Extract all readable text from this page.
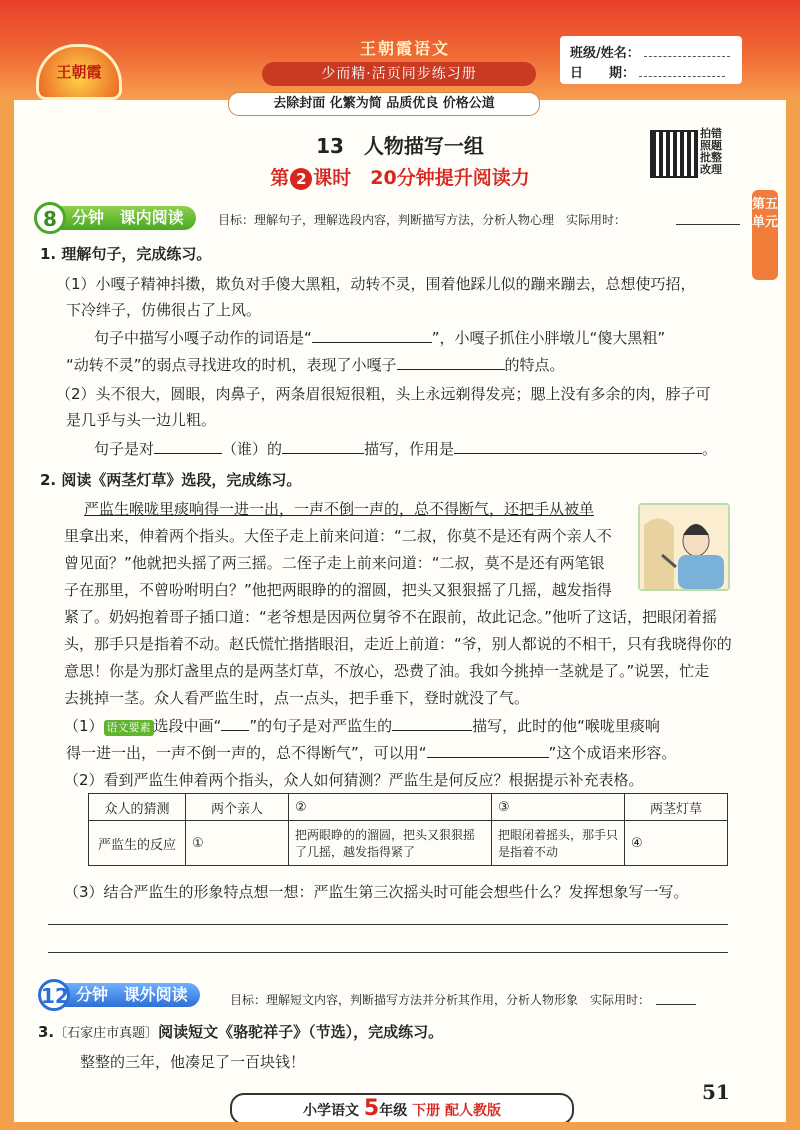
王朝霞
王朝霞语文
少而精·活页同步练习册
班级/姓名：
日　　期：
去除封面 化繁为简 品质优良 价格公道
13　人物描写一组
第 2 课时　20分钟提升阅读力
拍错照题批整改理
第五单元
8 分钟 课内阅读	目标：理解句子，理解选段内容，判断描写方法，分析人物心理　实际用时：
1. 理解句子，完成练习。
（1）小嘎子精神抖擞，欺负对手傻大黑粗，动转不灵，围着他踩儿似的蹦来蹦去，总想使巧招，
下冷绊子，仿佛很占了上风。
句子中描写小嘎子动作的词语是“	”，小嘎子抓住小胖墩儿“傻大黑粗”
“动转不灵”的弱点寻找进攻的时机，表现了小嘎子	的特点。
（2）头不很大，圆眼，肉鼻子，两条眉很短很粗，头上永远剃得发亮；腮上没有多余的肉，脖子可
是几乎与头一边儿粗。
句子是对	（谁）的	描写，作用是	。
2. 阅读《两茎灯草》选段，完成练习。
严监生喉咙里痰响得一进一出，一声不倒一声的，总不得断气，还把手从被单
里拿出来，伸着两个指头。大侄子走上前来问道：“二叔，你莫不是还有两个亲人不
曾见面？”他就把头摇了两三摇。二侄子走上前来问道：“二叔，莫不是还有两笔银
子在那里，不曾吩咐明白？”他把两眼睁的的溜圆，把头又狠狠摇了几摇，越发指得
紧了。奶妈抱着哥子插口道：“老爷想是因两位舅爷不在跟前，故此记念。”他听了这话，把眼闭着摇
头，那手只是指着不动。赵氏慌忙揩揩眼泪，走近上前道：“爷，别人都说的不相干，只有我晓得你的
意思！你是为那灯盏里点的是两茎灯草，不放心，恐费了油。我如今挑掉一茎就是了。”说罢，忙走
去挑掉一茎。众人看严监生时，点一点头，把手垂下，登时就没了气。
（1） 语文要素 选段中画“ ”的句子是对严监生的	描写，此时的他“喉咙里痰响
得一进一出，一声不倒一声的，总不得断气”，可以用“	”这个成语来形容。
（2）看到严监生伸着两个指头，众人如何猜测？严监生是何反应？根据提示补充表格。
众人的猜测	两个亲人	②	③	两茎灯草
严监生的反应	①	把两眼睁的的溜圆，把头又狠狠摇了几摇，越发指得紧了	把眼闭着摇头，那手只是指着不动	④
（3）结合严监生的形象特点想一想：严监生第三次摇头时可能会想些什么？发挥想象写一写。
12 分钟 课外阅读	目标：理解短文内容，判断描写方法并分析其作用，分析人物形象　实际用时：
3.〔石家庄市真题〕阅读短文《骆驼祥子》（节选），完成练习。
整整的三年，他凑足了一百块钱！
小学语文 5年级 下册 配人教版
51
